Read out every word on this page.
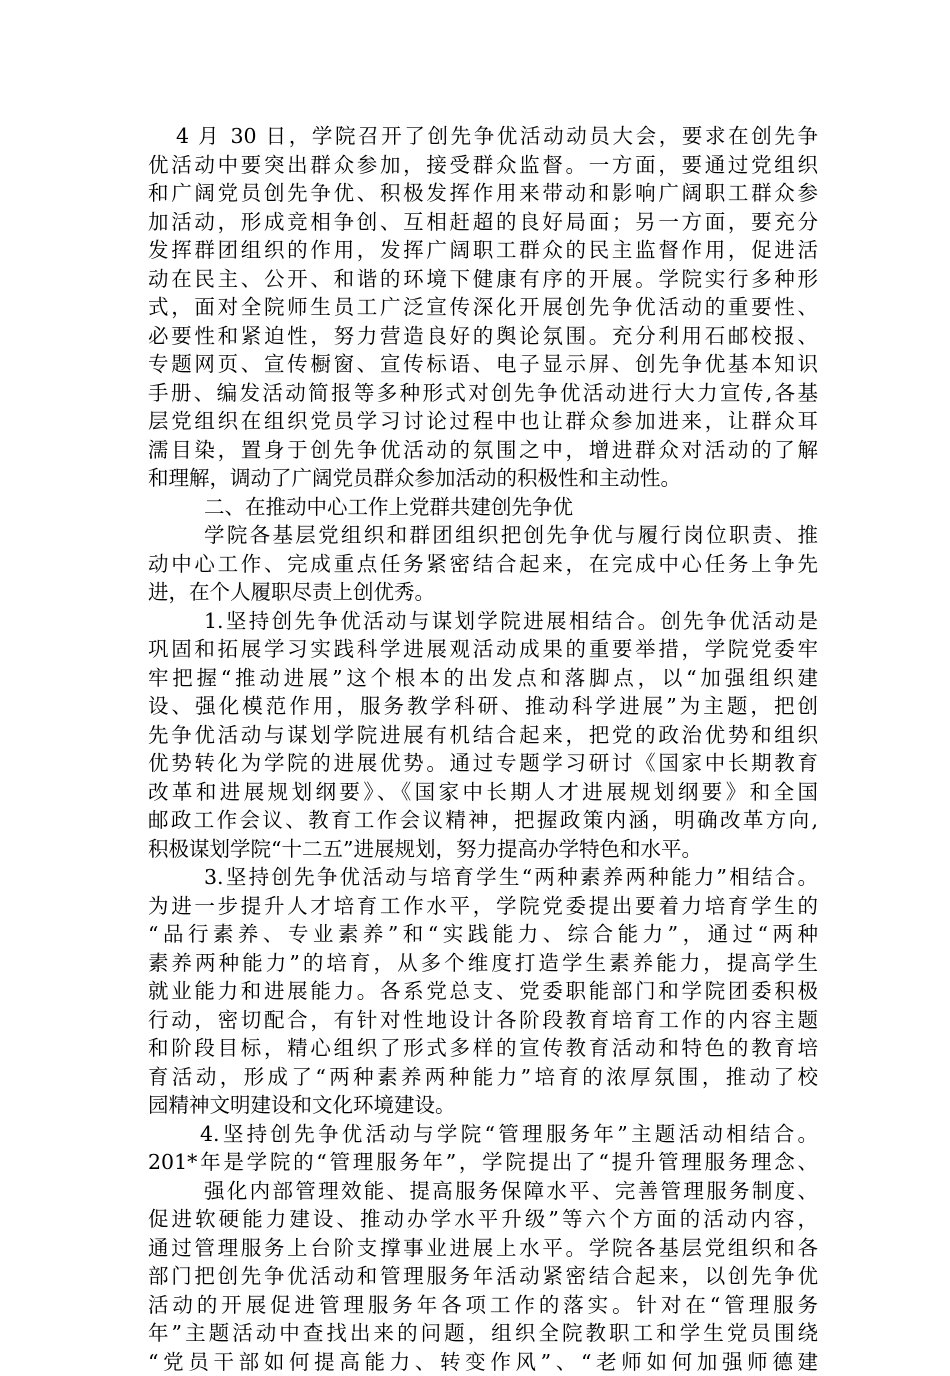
4 月 30 日，学院召开了创先争优活动动员大会，要求在创先争
优活动中要突出群众参加，接受群众监督。一方面，要通过党组织
和广阔党员创先争优、积极发挥作用来带动和影响广阔职工群众参
加活动，形成竞相争创、互相赶超的良好局面；另一方面，要充分
发挥群团组织的作用，发挥广阔职工群众的民主监督作用，促进活
动在民主、公开、和谐的环境下健康有序的开展。学院实行多种形
式，面对全院师生员工广泛宣传深化开展创先争优活动的重要性、
必要性和紧迫性，努力营造良好的舆论氛围。充分利用石邮校报、
专题网页、宣传橱窗、宣传标语、电子显示屏、创先争优基本知识
手册、编发活动简报等多种形式对创先争优活动进行大力宣传,各基
层党组织在组织党员学习讨论过程中也让群众参加进来，让群众耳
濡目染，置身于创先争优活动的氛围之中，增进群众对活动的了解
和理解，调动了广阔党员群众参加活动的积极性和主动性。
二、在推动中心工作上党群共建创先争优
学院各基层党组织和群团组织把创先争优与履行岗位职责、推
动中心工作、完成重点任务紧密结合起来，在完成中心任务上争先
进，在个人履职尽责上创优秀。
1.坚持创先争优活动与谋划学院进展相结合。创先争优活动是
巩固和拓展学习实践科学进展观活动成果的重要举措，学院党委牢
牢把握“推动进展”这个根本的出发点和落脚点，以“加强组织建
设、强化模范作用，服务教学科研、推动科学进展”为主题，把创
先争优活动与谋划学院进展有机结合起来，把党的政治优势和组织
优势转化为学院的进展优势。通过专题学习研讨《国家中长期教育
改革和进展规划纲要》、《国家中长期人才进展规划纲要》和全国
邮政工作会议、教育工作会议精神，把握政策内涵，明确改革方向,
积极谋划学院“十二五”进展规划，努力提高办学特色和水平。
3.坚持创先争优活动与培育学生“两种素养两种能力”相结合。
为进一步提升人才培育工作水平，学院党委提出要着力培育学生的
“品行素养、专业素养”和“实践能力、综合能力”，通过“两种
素养两种能力”的培育，从多个维度打造学生素养能力，提高学生
就业能力和进展能力。各系党总支、党委职能部门和学院团委积极
行动，密切配合，有针对性地设计各阶段教育培育工作的内容主题
和阶段目标，精心组织了形式多样的宣传教育活动和特色的教育培
育活动，形成了“两种素养两种能力”培育的浓厚氛围，推动了校
园精神文明建设和文化环境建设。
4.坚持创先争优活动与学院“管理服务年”主题活动相结合。
201*年是学院的“管理服务年”，学院提出了“提升管理服务理念、
强化内部管理效能、提高服务保障水平、完善管理服务制度、
促进软硬能力建设、推动办学水平升级”等六个方面的活动内容，
通过管理服务上台阶支撑事业进展上水平。学院各基层党组织和各
部门把创先争优活动和管理服务年活动紧密结合起来，以创先争优
活动的开展促进管理服务年各项工作的落实。针对在“管理服务
年”主题活动中查找出来的问题，组织全院教职工和学生党员围绕
“党员干部如何提高能力、转变作风”、“老师如何加强师德建
